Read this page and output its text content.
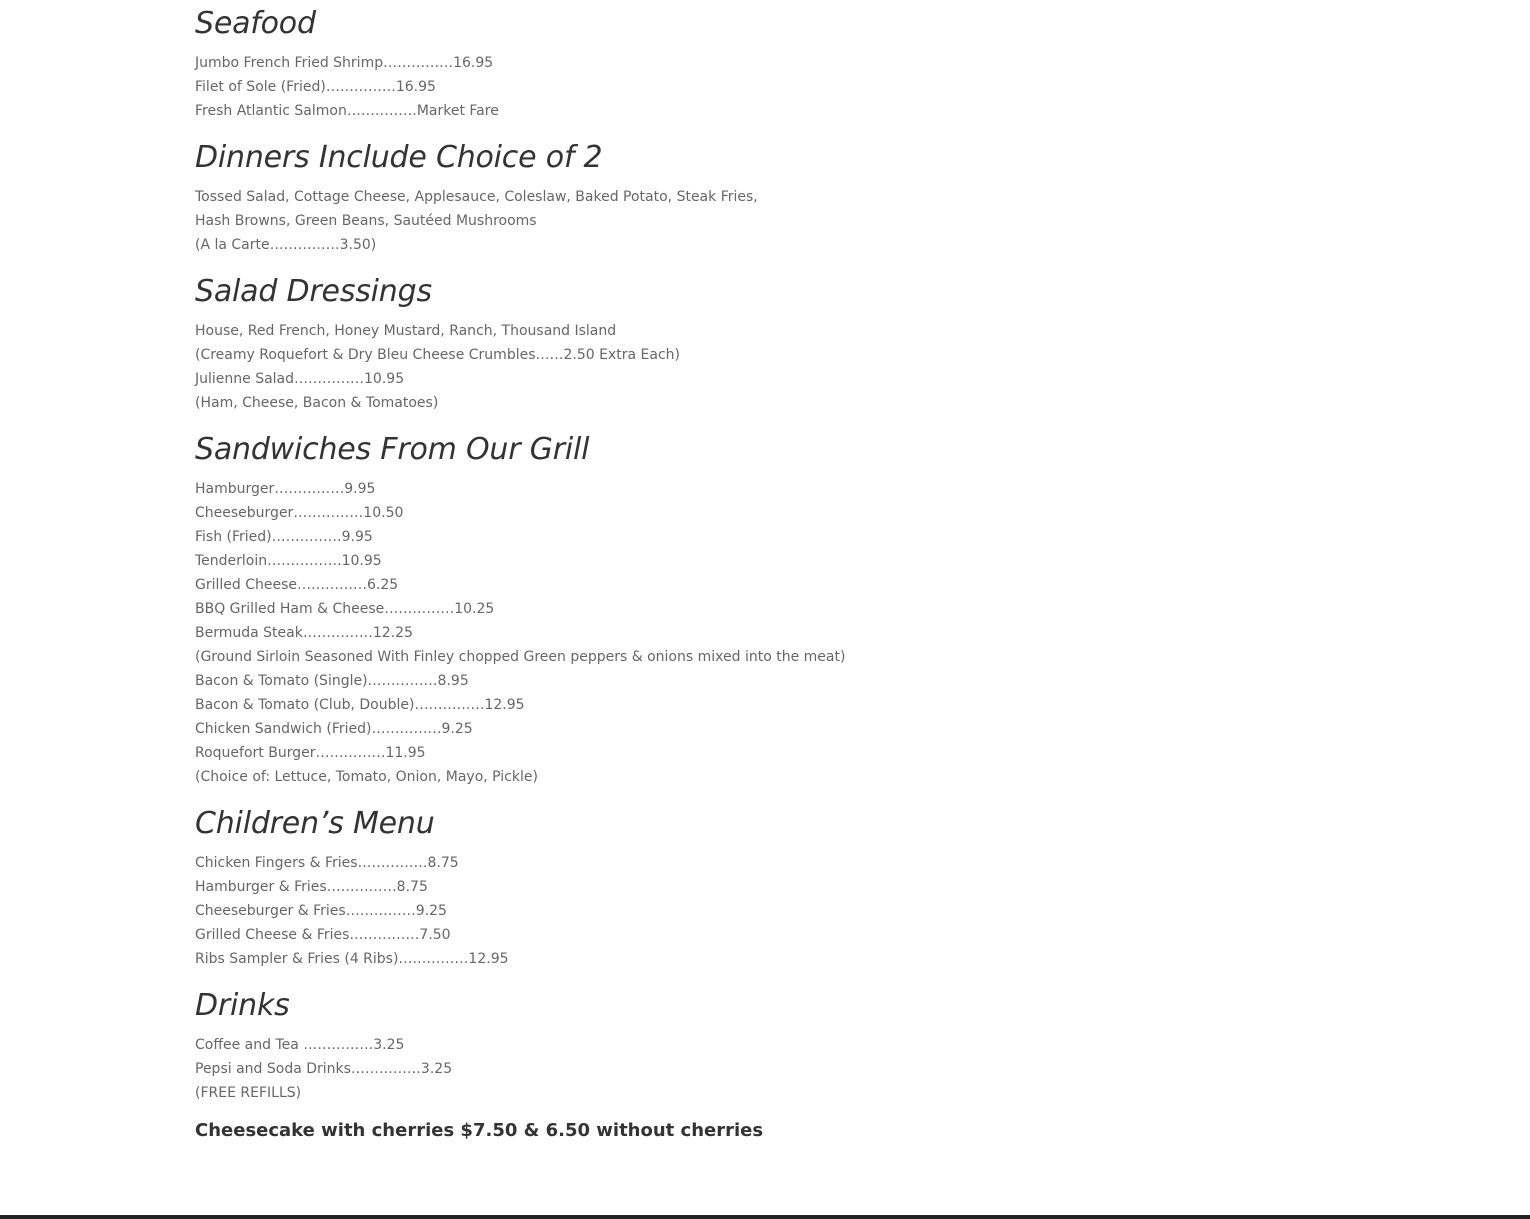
Seafood
Jumbo French Fried Shrimp……………16.95
Filet of Sole (Fried)……………16.95
Fresh Atlantic Salmon……………Market Fare
Dinners Include Choice of 2
Tossed Salad, Cottage Cheese, Applesauce, Coleslaw, Baked Potato, Steak Fries,
Hash Browns, Green Beans, Sautéed Mushrooms
(A la Carte……………3.50)
Salad Dressings
House, Red French, Honey Mustard, Ranch, Thousand Island
(Creamy Roquefort & Dry Bleu Cheese Crumbles……2.50 Extra Each)
Julienne Salad……………10.95
(Ham, Cheese, Bacon & Tomatoes)
Sandwiches From Our Grill
Hamburger……………9.95
Cheeseburger……………10.50
Fish (Fried)……………9.95
Tenderloin…………….10.95
Grilled Cheese……………6.25
BBQ Grilled Ham & Cheese……………10.25
Bermuda Steak……………12.25
(Ground Sirloin Seasoned With Finley chopped Green peppers & onions mixed into the meat)
Bacon & Tomato (Single)……………8.95
Bacon & Tomato (Club, Double)……………12.95
Chicken Sandwich (Fried)……………9.25
Roquefort Burger……………11.95
(Choice of: Lettuce, Tomato, Onion, Mayo, Pickle)
Children’s Menu
Chicken Fingers & Fries……………8.75
Hamburger & Fries……………8.75
Cheeseburger & Fries……………9.25
Grilled Cheese & Fries……………7.50
Ribs Sampler & Fries (4 Ribs)……………12.95
Drinks
Coffee and Tea ……………3.25
Pepsi and Soda Drinks……………3.25
(FREE REFILLS)
Cheesecake with cherries $7.50 & 6.50 without cherries
